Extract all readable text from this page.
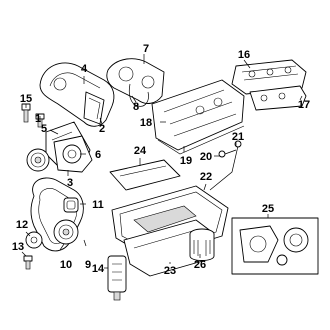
1
2
3
4
5
6
7
8
9
10
11
12
13
14
15
16
17
18
19 20
21
22
23
24
25
26
